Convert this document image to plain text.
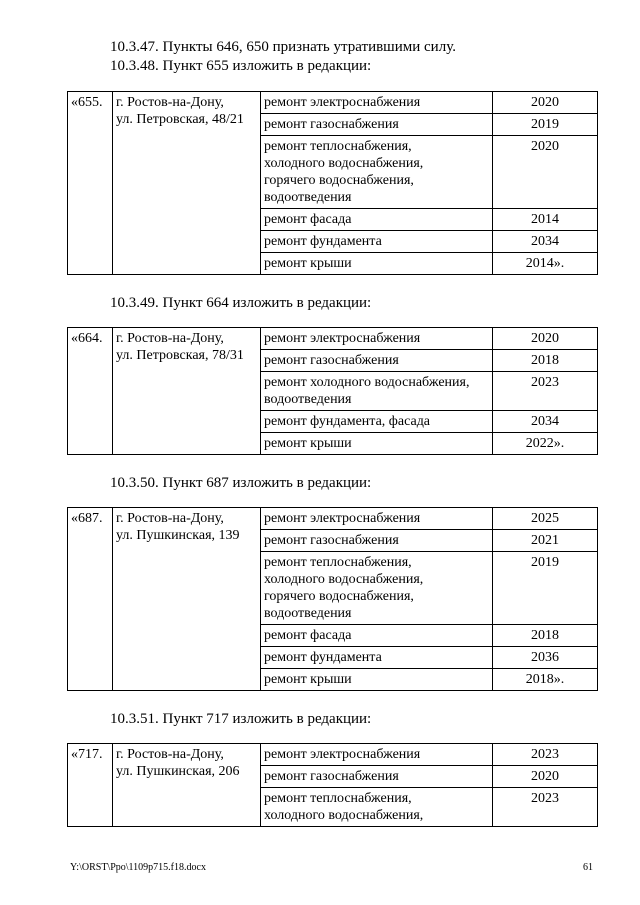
10.3.47. Пункты 646, 650 признать утратившими силу.
10.3.48. Пункт 655 изложить в редакции:
«655.	г. Ростов-на-Дону,
ул. Петровская, 48/21	ремонт электроснабжения	2020

		ремонт газоснабжения	2019

		ремонт теплоснабжения,
холодного водоснабжения,
горячего водоснабжения,
водоотведения	2020

		ремонт фасада	2014

		ремонт фундамента	2034

		ремонт крыши	2014».
10.3.49. Пункт 664 изложить в редакции:
«664.	г. Ростов-на-Дону,
ул. Петровская, 78/31	ремонт электроснабжения	2020

		ремонт газоснабжения	2018

		ремонт холодного водоснабжения,
водоотведения	2023

		ремонт фундамента, фасада	2034

		ремонт крыши	2022».
10.3.50. Пункт 687 изложить в редакции:
«687.	г. Ростов-на-Дону,
ул. Пушкинская, 139	ремонт электроснабжения	2025

		ремонт газоснабжения	2021

		ремонт теплоснабжения,
холодного водоснабжения,
горячего водоснабжения,
водоотведения	2019

		ремонт фасада	2018

		ремонт фундамента	2036

		ремонт крыши	2018».
10.3.51. Пункт 717 изложить в редакции:
«717.	г. Ростов-на-Дону,
ул. Пушкинская, 206	ремонт электроснабжения	2023

		ремонт газоснабжения	2020

		ремонт теплоснабжения,
холодного водоснабжения,	2023
Y:\ORST\Ppo\1109p715.f18.docx	61
